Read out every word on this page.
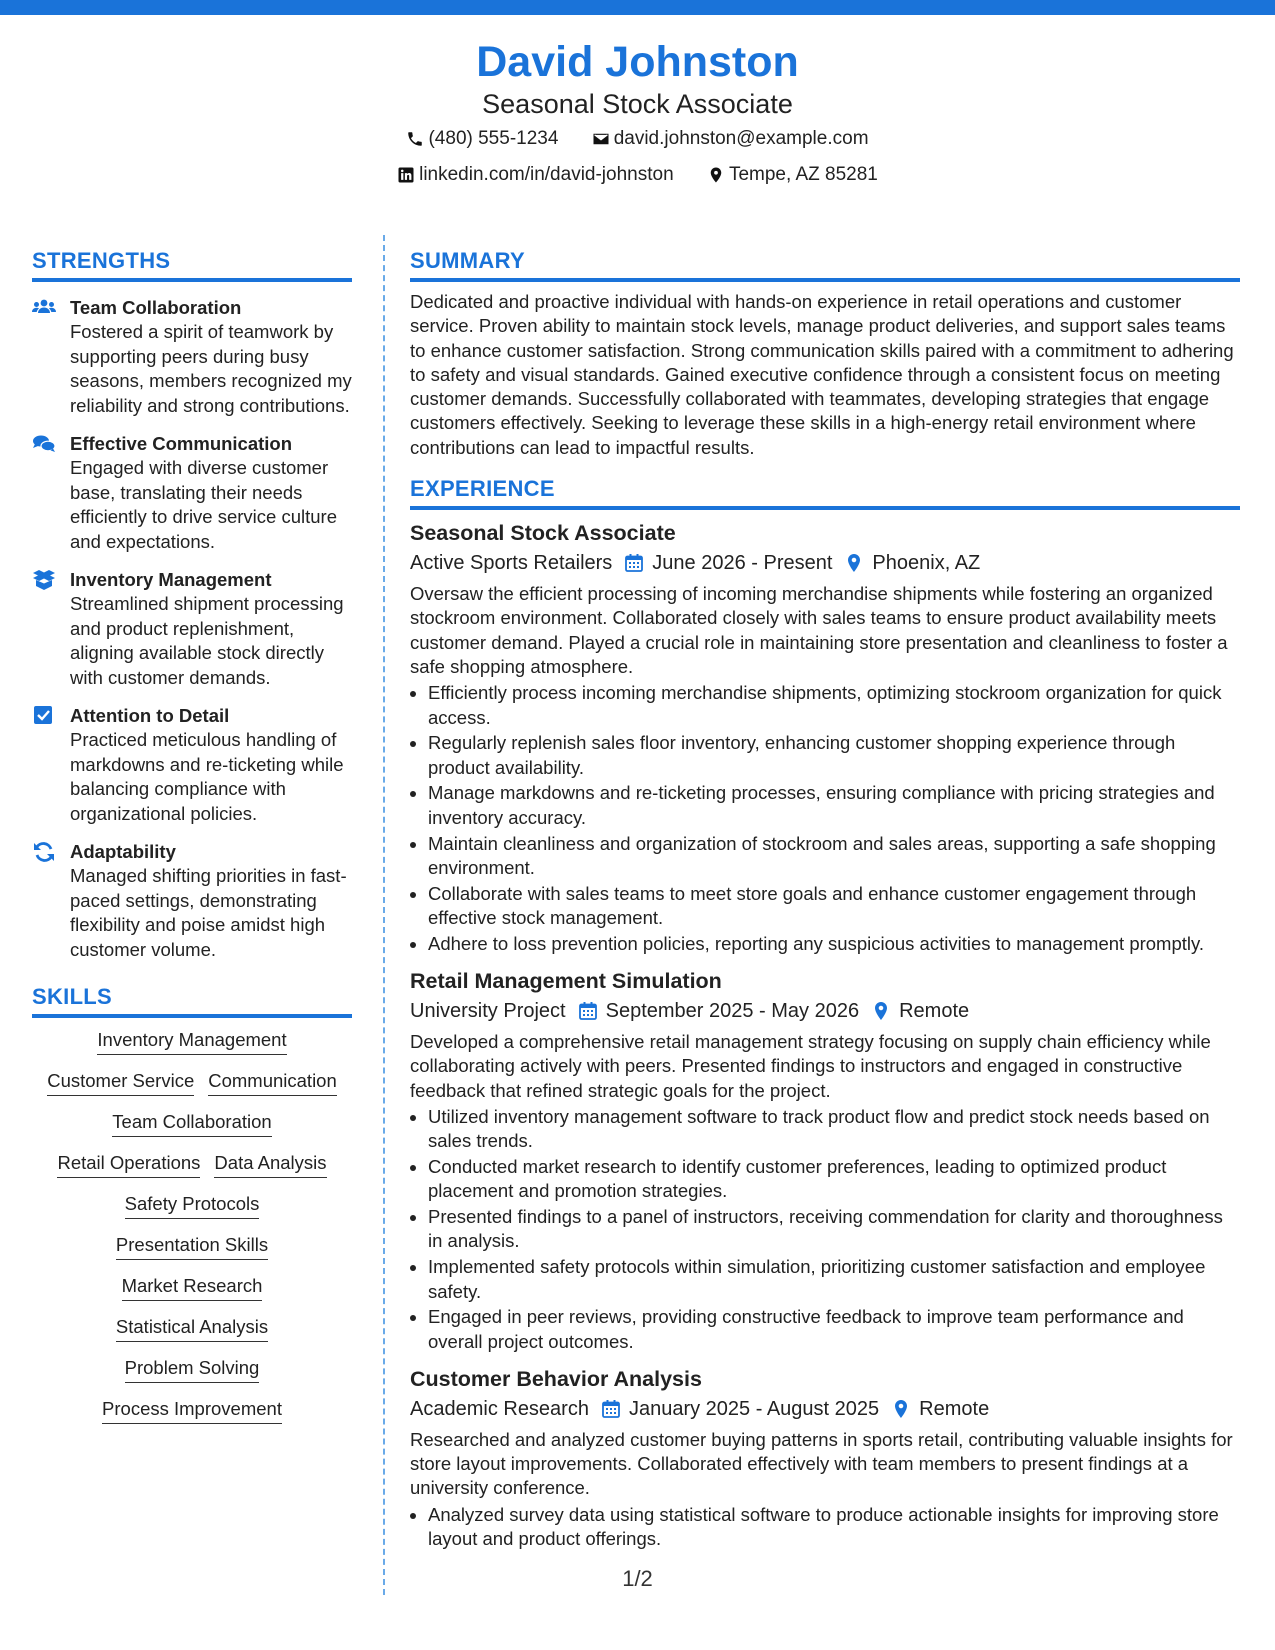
David Johnston
Seasonal Stock Associate
(480) 555-1234
	david.johnston@example.com
linkedin.com/in/david-johnston
	Tempe, AZ 85281
STRENGTHS
Team Collaboration
Fostered a spirit of teamwork by supporting peers during busy seasons, members recognized my reliability and strong contributions.
Effective Communication
Engaged with diverse customer base, translating their needs efficiently to drive service culture and expectations.
Inventory Management
Streamlined shipment processing and product replenishment, aligning available stock directly with customer demands.
Attention to Detail
Practiced meticulous handling of markdowns and re-ticketing while balancing compliance with organizational policies.
Adaptability
Managed shifting priorities in fast-paced settings, demonstrating flexibility and poise amidst high customer volume.
SKILLS
Inventory Management
Customer Service Communication
Team Collaboration
Retail Operations Data Analysis
Safety Protocols
Presentation Skills
Market Research
Statistical Analysis
Problem Solving
Process Improvement
SUMMARY
Dedicated and proactive individual with hands-on experience in retail operations and customer service. Proven ability to maintain stock levels, manage product deliveries, and support sales teams to enhance customer satisfaction. Strong communication skills paired with a commitment to adhering to safety and visual standards. Gained executive confidence through a consistent focus on meeting customer demands. Successfully collaborated with teammates, developing strategies that engage customers effectively. Seeking to leverage these skills in a high-energy retail environment where contributions can lead to impactful results.
EXPERIENCE
Seasonal Stock Associate
Active Sports Retailers June 2026 - Present Phoenix, AZ
Oversaw the efficient processing of incoming merchandise shipments while fostering an organized stockroom environment. Collaborated closely with sales teams to ensure product availability meets customer demand. Played a crucial role in maintaining store presentation and cleanliness to foster a safe shopping atmosphere.
• Efficiently process incoming merchandise shipments, optimizing stockroom organization for quick access.
• Regularly replenish sales floor inventory, enhancing customer shopping experience through product availability.
• Manage markdowns and re-ticketing processes, ensuring compliance with pricing strategies and inventory accuracy.
• Maintain cleanliness and organization of stockroom and sales areas, supporting a safe shopping environment.
• Collaborate with sales teams to meet store goals and enhance customer engagement through effective stock management.
• Adhere to loss prevention policies, reporting any suspicious activities to management promptly.
Retail Management Simulation
University Project September 2025 - May 2026 Remote
Developed a comprehensive retail management strategy focusing on supply chain efficiency while collaborating actively with peers. Presented findings to instructors and engaged in constructive feedback that refined strategic goals for the project.
• Utilized inventory management software to track product flow and predict stock needs based on sales trends.
• Conducted market research to identify customer preferences, leading to optimized product placement and promotion strategies.
• Presented findings to a panel of instructors, receiving commendation for clarity and thoroughness in analysis.
• Implemented safety protocols within simulation, prioritizing customer satisfaction and employee safety.
• Engaged in peer reviews, providing constructive feedback to improve team performance and overall project outcomes.
Customer Behavior Analysis
Academic Research January 2025 - August 2025 Remote
Researched and analyzed customer buying patterns in sports retail, contributing valuable insights for store layout improvements. Collaborated effectively with team members to present findings at a university conference.
• Analyzed survey data using statistical software to produce actionable insights for improving store layout and product offerings.
1/2
